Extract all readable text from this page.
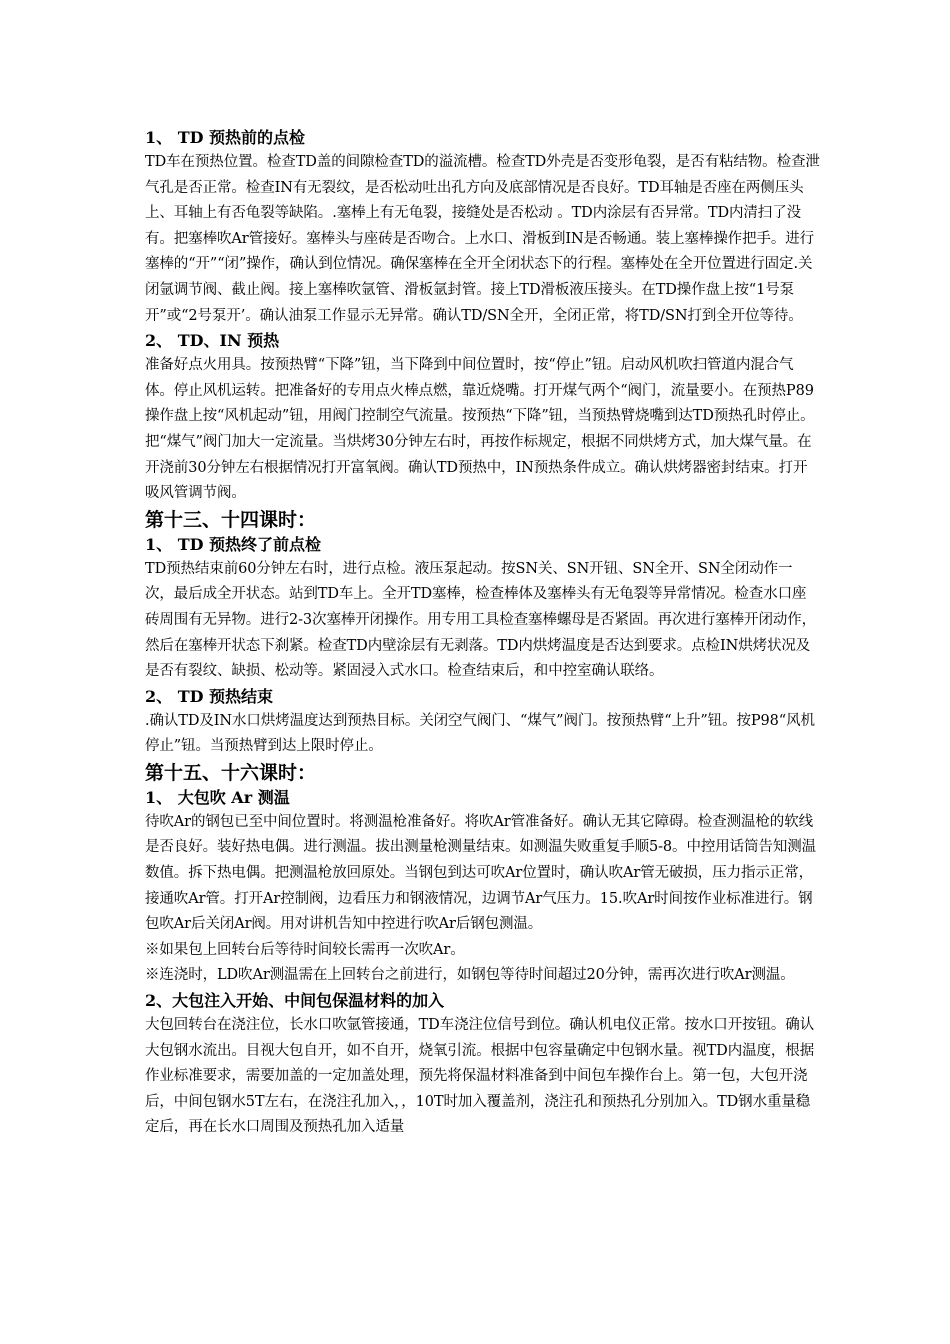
1、 TD 预热前的点检

TD车在预热位置。检查TD盖的间隙检查TD的溢流槽。检查TD外壳是否变形龟裂，是否有粘结物。检查泄气孔是否正常。检查IN有无裂纹，是否松动吐出孔方向及底部情况是否良好。TD耳轴是否座在两侧压头上、耳轴上有否龟裂等缺陷。.塞棒上有无龟裂，接缝处是否松动 。TD内涂层有否异常。TD内清扫了没有。把塞棒吹Ar管接好。塞棒头与座砖是否吻合。上水口、滑板到IN是否畅通。装上塞棒操作把手。进行塞棒的“开”“闭”操作，确认到位情况。确保塞棒在全开全闭状态下的行程。塞棒处在全开位置进行固定.关闭氩调节阀、截止阀。接上塞棒吹氩管、滑板氩封管。接上TD滑板液压接头。在TD操作盘上按“1号泵开”或“2号泵开’。确认油泵工作显示无异常。确认TD/SN全开，全闭正常，将TD/SN打到全开位等待。

2、 TD、IN 预热

准备好点火用具。按预热臂“下降”钮，当下降到中间位置时，按“停止”钮。启动风机吹扫管道内混合气体。停止风机运转。把准备好的专用点火棒点燃，靠近烧嘴。打开煤气两个“阀门，流量要小。在预热P89操作盘上按“风机起动”钮，用阀门控制空气流量。按预热“下降”钮，当预热臂烧嘴到达TD预热孔时停止。把“煤气”阀门加大一定流量。当烘烤30分钟左右时，再按作标规定，根据不同烘烤方式，加大煤气量。在开浇前30分钟左右根据情况打开富氧阀。确认TD预热中，IN预热条件成立。确认烘烤器密封结束。打开吸风管调节阀。

第十三、十四课时：
1、 TD 预热终了前点检

TD预热结束前60分钟左右时，进行点检。液压泵起动。按SN关、SN开钮、SN全开、SN全闭动作一次，最后成全开状态。站到TD车上。全开TD塞棒，检查棒体及塞棒头有无龟裂等异常情况。检查水口座砖周围有无异物。进行2-3次塞棒开闭操作。用专用工具检查塞棒螺母是否紧固。再次进行塞棒开闭动作，然后在塞棒开状态下刹紧。检查TD内壁涂层有无剥落。TD内烘烤温度是否达到要求。点检IN烘烤状况及是否有裂纹、缺损、松动等。紧固浸入式水口。检查结束后，和中控室确认联络。

2、 TD 预热结束

.确认TD及IN水口烘烤温度达到预热目标。关闭空气阀门、“煤气”阀门。按预热臂“上升”钮。按P98“风机停止”钮。当预热臂到达上限时停止。

第十五、十六课时：
1、 大包吹 Ar 测温

待吹Ar的钢包已至中间位置时。将测温枪准备好。将吹Ar管准备好。确认无其它障碍。检查测温枪的软线是否良好。装好热电偶。进行测温。拔出测量枪测量结束。如测温失败重复手顺5-8。中控用话筒告知测温数值。拆下热电偶。把测温枪放回原处。当钢包到达可吹Ar位置时，确认吹Ar管无破损，压力指示正常，接通吹Ar管。打开Ar控制阀，边看压力和钢液情况，边调节Ar气压力。15.吹Ar时间按作业标准进行。钢包吹Ar后关闭Ar阀。用对讲机告知中控进行吹Ar后钢包测温。

※如果包上回转台后等待时间较长需再一次吹Ar。

※连浇时，LD吹Ar测温需在上回转台之前进行，如钢包等待时间超过20分钟，需再次进行吹Ar测温。

2、大包注入开始、中间包保温材料的加入

大包回转台在浇注位，长水口吹氩管接通，TD车浇注位信号到位。确认机电仪正常。按水口开按钮。确认大包钢水流出。目视大包自开，如不自开，烧氧引流。根据中包容量确定中包钢水量。视TD内温度，根据作业标准要求，需要加盖的一定加盖处理，预先将保温材料准备到中间包车操作台上。第一包，大包开浇后，中间包钢水5T左右，在浇注孔加入，，10T时加入覆盖剂，浇注孔和预热孔分别加入。TD钢水重量稳定后，再在长水口周围及预热孔加入适量
